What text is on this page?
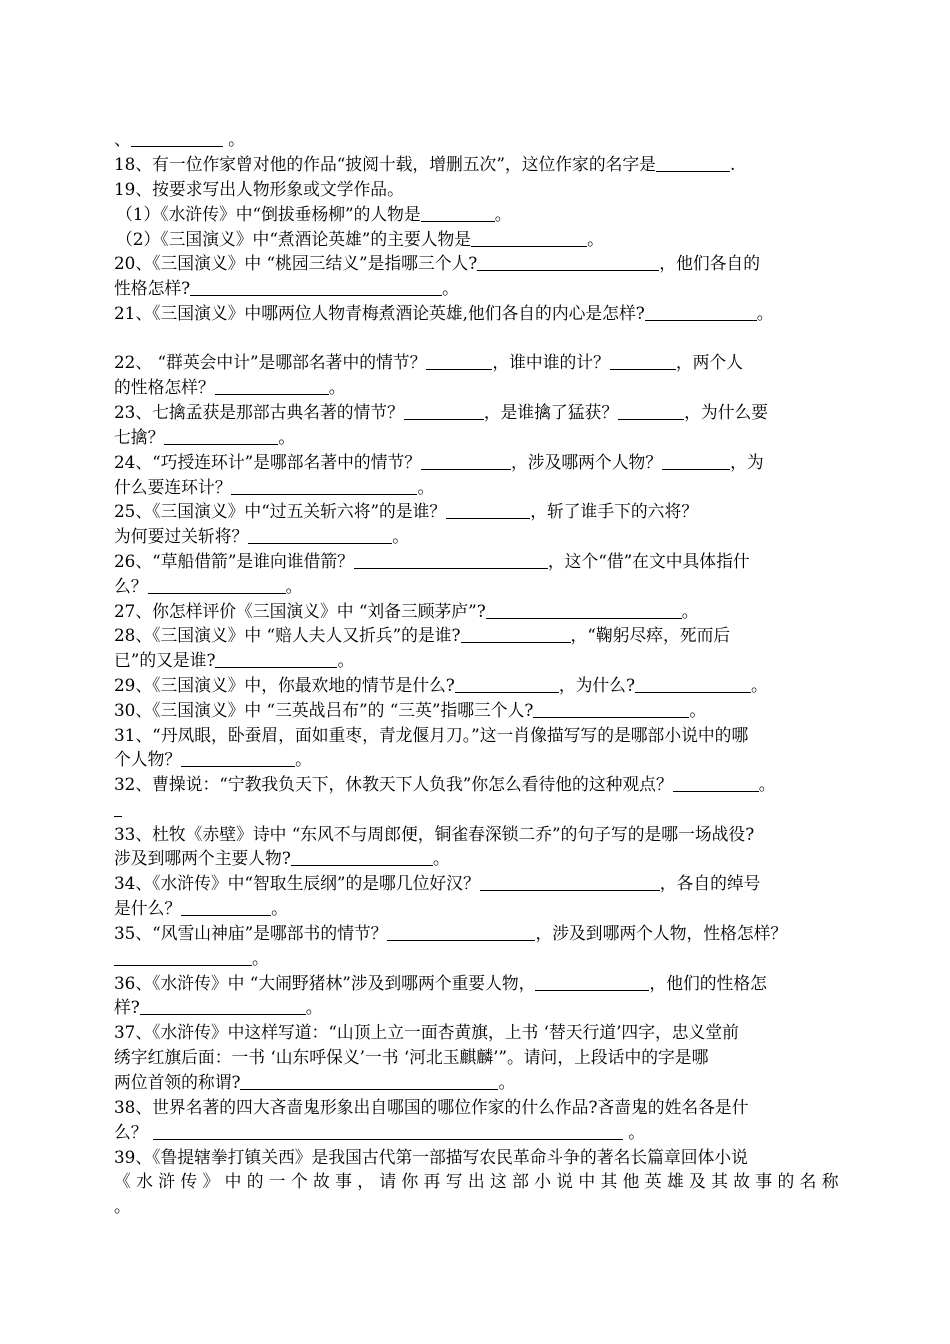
、	。
18、有一位作家曾对他的作品“披阅十载，增删五次”，这位作家的名字是	.
19、按要求写出人物形象或文学作品。
（1）《水浒传》中“倒拔垂杨柳”的人物是	。
（2）《三国演义》中“煮酒论英雄”的主要人物是	。
20、《三国演义》中 “桃园三结义”是指哪三个人?	，他们各自的
性格怎样?	。
21、《三国演义》中哪两位人物青梅煮酒论英雄,他们各自的内心是怎样?	。
22、 “群英会中计”是哪部名著中的情节？	，谁中谁的计？	，两个人
的性格怎样？	。
23、七擒孟获是那部古典名著的情节？	，是谁擒了猛获？	，为什么要
七擒？	。
24、“巧授连环计”是哪部名著中的情节？	，涉及哪两个人物？	，为
什么要连环计？	。
25、《三国演义》中“过五关斩六将”的是谁？	，斩了谁手下的六将？
为何要过关斩将？	。
26、“草船借箭”是谁向谁借箭？	，这个“借”在文中具体指什
么？	。
27、你怎样评价《三国演义》中 “刘备三顾茅庐”?	。
28、《三国演义》中 “赔人夫人又折兵”的是谁?	，“鞠躬尽瘁，死而后
已”的又是谁?	。
29、《三国演义》中，你最欢地的情节是什么?	，为什么?	。
30、《三国演义》中 “三英战吕布”的 “三英”指哪三个人?	。
31、“丹凤眼，卧蚕眉，面如重枣，青龙偃月刀。”这一肖像描写写的是哪部小说中的哪
个人物？	。
32、曹操说：“宁教我负天下，休教天下人负我”你怎么看待他的这种观点？	。
33、杜牧《赤壁》诗中 “东风不与周郎便，铜雀春深锁二乔”的句子写的是哪一场战役?
涉及到哪两个主要人物?	。
34、《水浒传》中“智取生辰纲”的是哪几位好汉？	，各自的绰号
是什么？	。
35、“风雪山神庙”是哪部书的情节？	，涉及到哪两个人物，性格怎样？
。
36、《水浒传》中 “大闹野猪林”涉及到哪两个重要人物，	，他们的性格怎
样?	。
37、《水浒传》中这样写道：“山顶上立一面杏黄旗，上书 ‘替天行道’四字，忠义堂前
绣字红旗后面：一书 ‘山东呼保义’一书 ‘河北玉麒麟’”。请问，上段话中的字是哪
两位首领的称谓?	。
38、世界名著的四大吝啬鬼形象出自哪国的哪位作家的什么作品?吝啬鬼的姓名各是什
么？	。
39、《鲁提辖拳打镇关西》是我国古代第一部描写农民革命斗争的著名长篇章回体小说
《 水 浒 传 》 中 的 一 个 故 事 ， 请 你 再 写 出 这 部 小 说 中 其 他 英 雄 及 其 故 事 的 名 称
。
